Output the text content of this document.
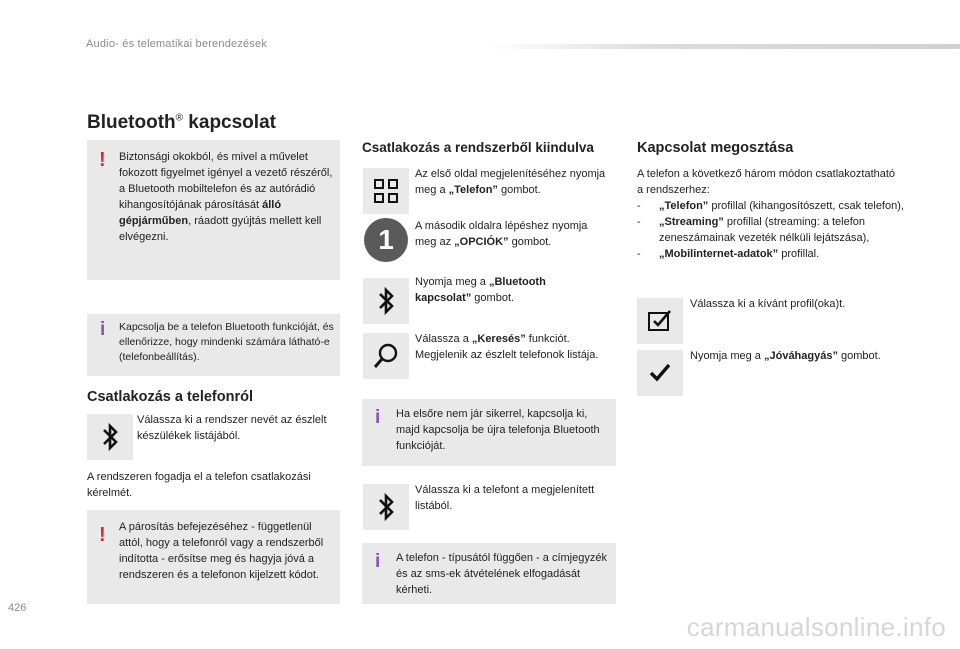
Audio- és telematikai berendezések
Bluetooth® kapcsolat
! Biztonsági okokból, és mivel a művelet fokozott figyelmet igényel a vezető részéről, a Bluetooth mobiltelefon és az autórádió kihangosítójának párosítását álló gépjárműben, ráadott gyújtás mellett kell elvégezni.
i Kapcsolja be a telefon Bluetooth funkcióját, és ellenőrizze, hogy mindenki számára látható-e (telefonbeállítás).
Csatlakozás a telefonról
Válassza ki a rendszer nevét az észlelt készülékek listájából.
A rendszeren fogadja el a telefon csatlakozási kérelmét.
! A párosítás befejezéséhez - függetlenül attól, hogy a telefonról vagy a rendszerből indította - erősítse meg és hagyja jóvá a rendszeren és a telefonon kijelzett kódot.
Csatlakozás a rendszerből kiindulva
Az első oldal megjelenítéséhez nyomja meg a „Telefon” gombot.
1	A második oldalra lépéshez nyomja meg az „OPCIÓK” gombot.
Nyomja meg a „Bluetooth kapcsolat” gombot.
Válassza a „Keresés” funkciót. Megjelenik az észlelt telefonok listája.
i Ha elsőre nem jár sikerrel, kapcsolja ki, majd kapcsolja be újra telefonja Bluetooth funkcióját.
Válassza ki a telefont a megjelenített listából.
i A telefon - típusától függően - a címjegyzék és az sms-ek átvételének elfogadását kérheti.
Kapcsolat megosztása
A telefon a következő három módon csatlakoztatható a rendszerhez:
-	„Telefon” profillal (kihangosítószett, csak telefon),
-	„Streaming” profillal (streaming: a telefon zeneszámainak vezeték nélküli lejátszása),
-	„Mobilinternet-adatok” profillal.
Válassza ki a kívánt profil(oka)t.
Nyomja meg a „Jóváhagyás” gombot.
426
carmanualsonline.info
